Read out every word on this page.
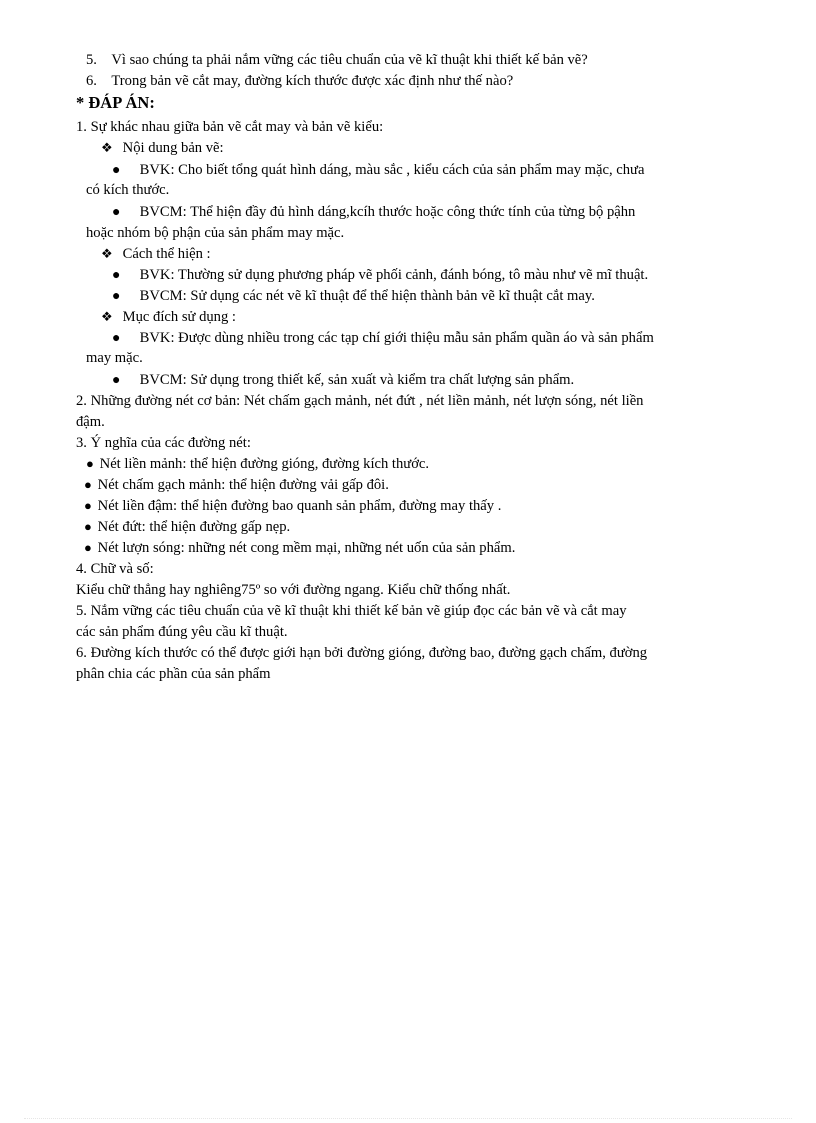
5. Vì sao chúng ta phải nắm vững các tiêu chuẩn của vẽ kĩ thuật khi thiết kế bản vẽ?
6. Trong bản vẽ cắt may, đường kích thước được xác định như thế nào?
* ĐÁP ÁN:
1. Sự khác nhau giữa bản vẽ cắt may và bản vẽ kiểu:
❖ Nội dung bản vẽ:
● BVK: Cho biết tổng quát hình dáng, màu sắc , kiểu cách của sản phẩm may mặc, chưa
có kích thước.
● BVCM: Thể hiện đầy đủ hình dáng,kcíh thước hoặc công thức tính của từng bộ pậhn
hoặc nhóm bộ phận của sản phẩm may mặc.
❖ Cách thể hiện :
● BVK: Thường sử dụng phương pháp vẽ phối cảnh, đánh bóng, tô màu như vẽ mĩ thuật.
● BVCM: Sử dụng các nét vẽ kĩ thuật để thể hiện thành bản vẽ kĩ thuật cắt may.
❖ Mục đích sử dụng :
● BVK: Được dùng nhiều trong các tạp chí giới thiệu mẫu sản phẩm quần áo và sản phẩm
may mặc.
● BVCM: Sử dụng trong thiết kế, sản xuất và kiểm tra chất lượng sản phẩm.
2. Những đường nét cơ bản: Nét chấm gạch mảnh, nét đứt , nét liền mảnh, nét lượn sóng, nét liền
đậm.
3. Ý nghĩa của các đường nét:
● Nét liền mảnh: thể hiện đường gióng, đường kích thước.
● Nét chấm gạch mảnh: thể hiện đường vải gấp đôi.
● Nét liền đậm: thể hiện đường bao quanh sản phẩm, đường may thấy .
● Nét đứt: thể hiện đường gấp nẹp.
● Nét lượn sóng: những nét cong mềm mại, những nét uốn của sản phẩm.
4. Chữ và số:
Kiểu chữ thẳng hay nghiêng75º so với đường ngang. Kiểu chữ thống nhất.
5. Nắm vững các tiêu chuẩn của vẽ kĩ thuật khi thiết kế bản vẽ giúp đọc các bản vẽ và cắt may
các sản phẩm đúng yêu cầu kĩ thuật.
6. Đường kích thước có thể được giới hạn bởi đường gióng, đường bao, đường gạch chấm, đường
phân chia các phần của sản phẩm
